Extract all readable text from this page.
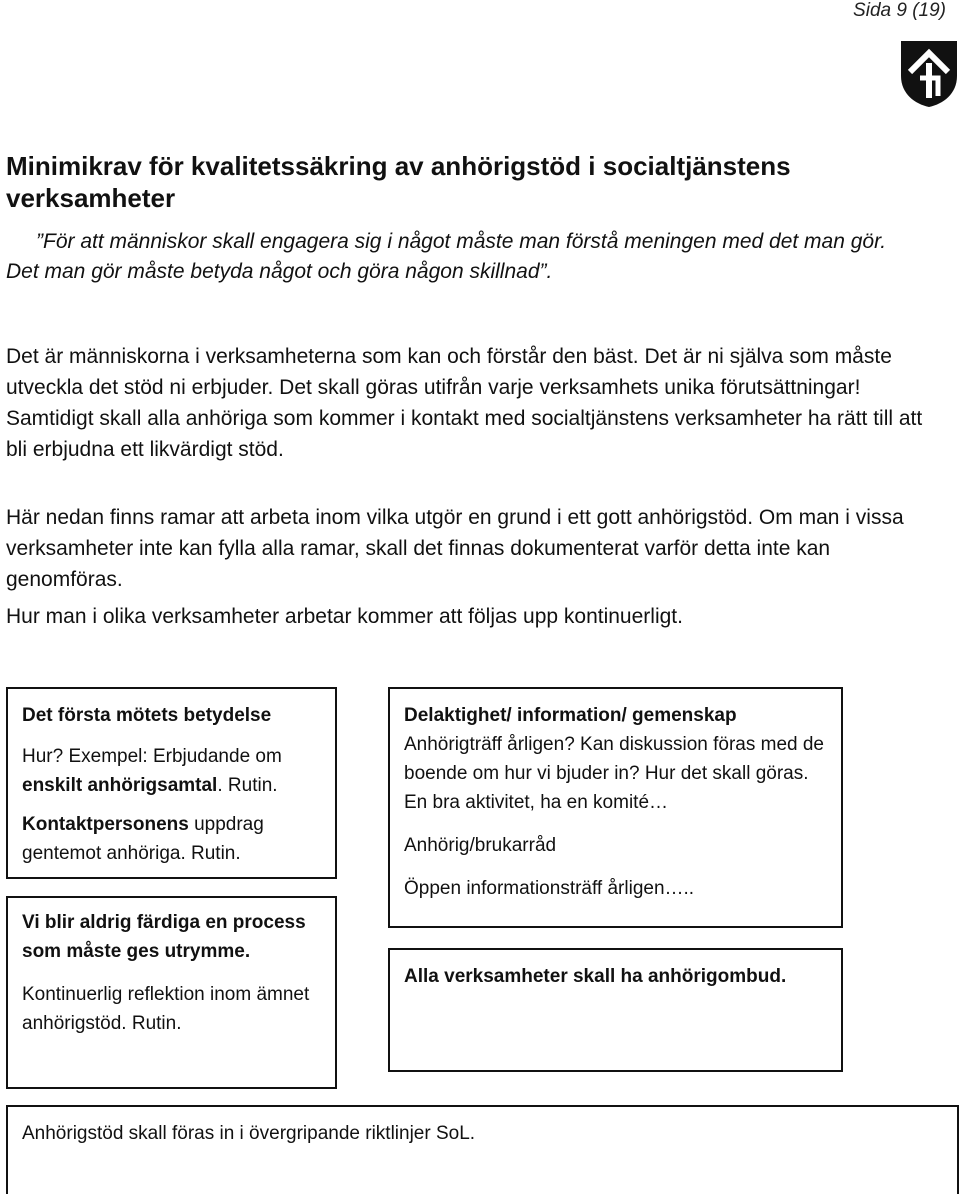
Sida 9 (19)
Minimikrav för kvalitetssäkring av anhörigstöd i socialtjänstens verksamheter

”För att människor skall engagera sig i något måste man förstå meningen med det man gör. Det man gör måste betyda något och göra någon skillnad”.

Det är människorna i verksamheterna som kan och förstår den bäst. Det är ni själva som måste utveckla det stöd ni erbjuder. Det skall göras utifrån varje verksamhets unika förutsättningar! Samtidigt skall alla anhöriga som kommer i kontakt med socialtjänstens verksamheter ha rätt till att bli erbjudna ett likvärdigt stöd.

Här nedan finns ramar att arbeta inom vilka utgör en grund i ett gott anhörigstöd. Om man i vissa verksamheter inte kan fylla alla ramar, skall det finnas dokumenterat varför detta inte kan genomföras.

Hur man i olika verksamheter arbetar kommer att följas upp kontinuerligt.

Det första mötets betydelse

Hur? Exempel: Erbjudande om enskilt anhörigsamtal. Rutin.

Kontaktpersonens uppdrag gentemot anhöriga. Rutin.

Vi blir aldrig färdiga en process som måste ges utrymme.

Kontinuerlig reflektion inom ämnet anhörigstöd. Rutin.

Delaktighet/ information/ gemenskap

Anhörigträff årligen? Kan diskussion föras med de boende om hur vi bjuder in? Hur det skall göras. En bra aktivitet, ha en komité…

Anhörig/brukarråd

Öppen informationsträff årligen…..

Alla verksamheter skall ha anhörigombud.

Anhörigstöd skall föras in i övergripande riktlinjer SoL.
